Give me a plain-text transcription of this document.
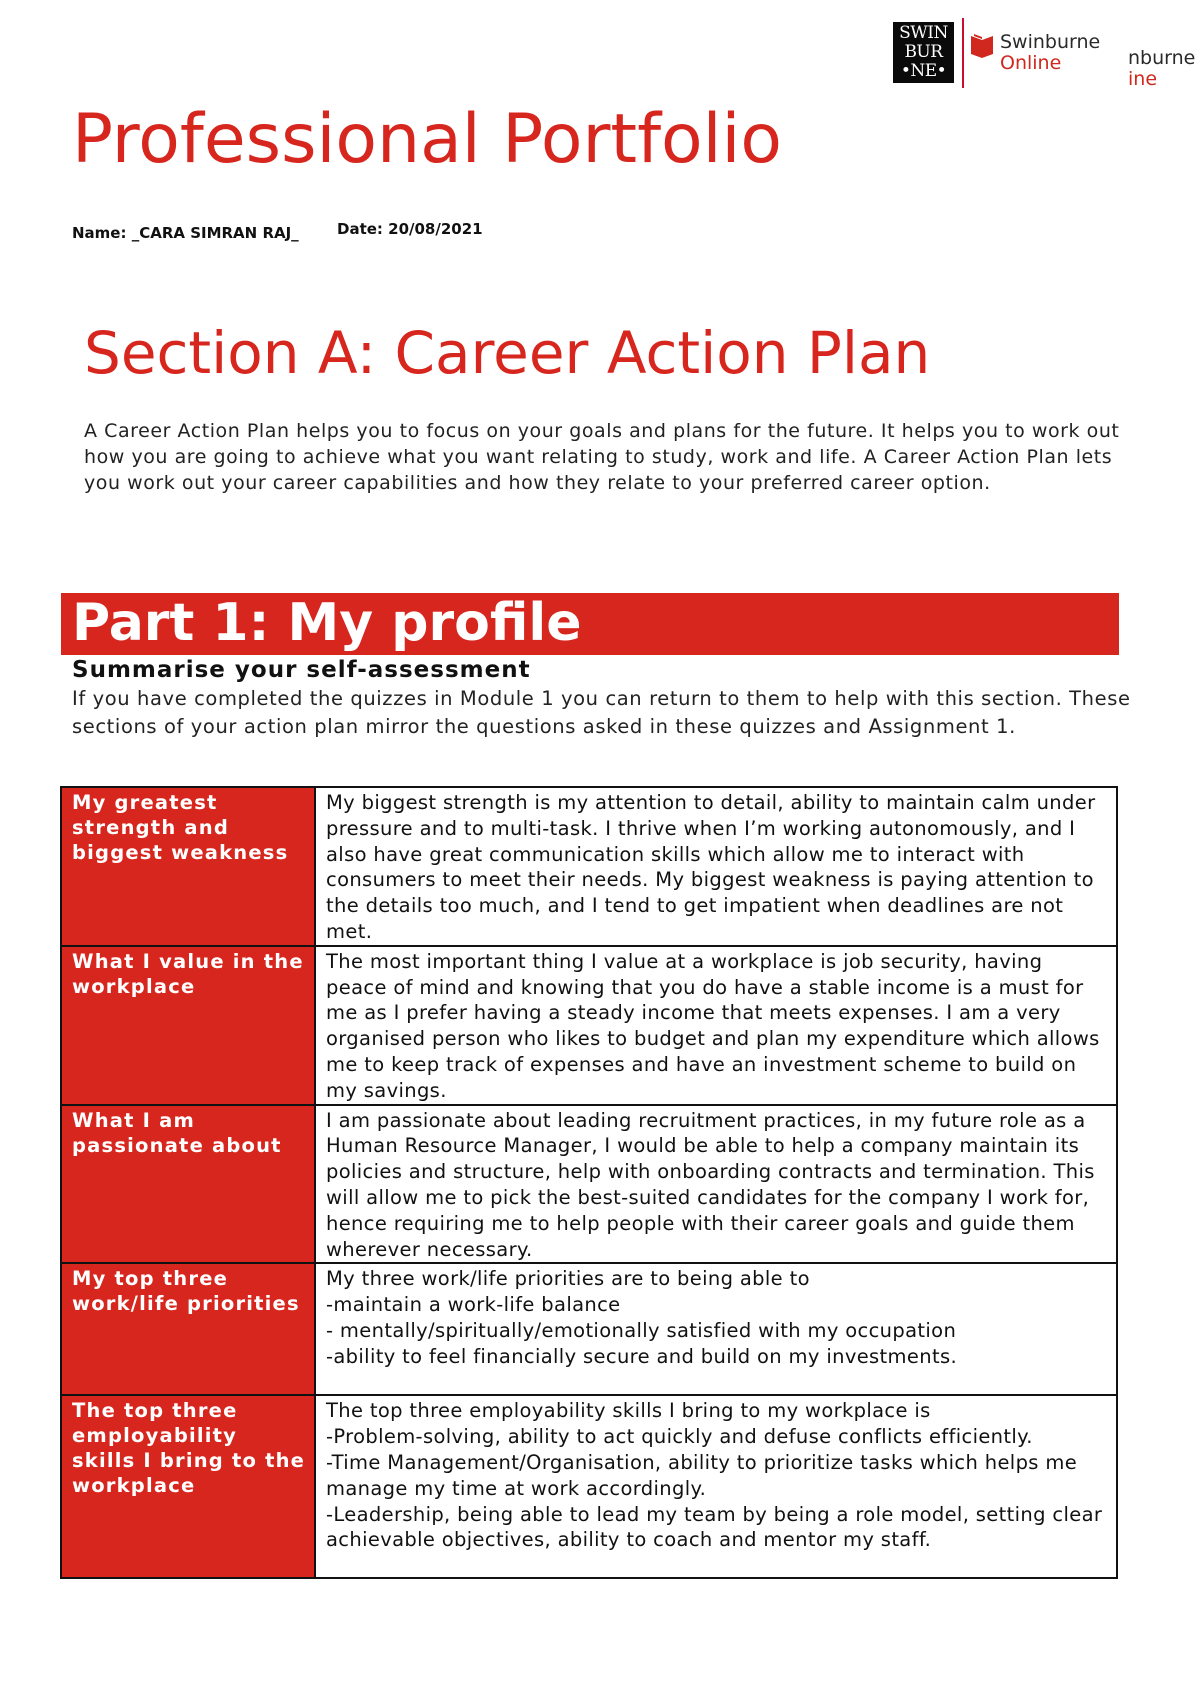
SWIN
BUR
•NE•
Swinburne
Online	nburne
ine
Professional Portfolio
Name: _CARA SIMRAN RAJ_	Date: 20/08/2021
Section A: Career Action Plan

A Career Action Plan helps you to focus on your goals and plans for the future. It helps you to work out how you are going to achieve what you want relating to study, work and life. A Career Action Plan lets you work out your career capabilities and how they relate to your preferred career option.

Part 1: My profile
Summarise your self-assessment

If you have completed the quizzes in Module 1 you can return to them to help with this section. These sections of your action plan mirror the questions asked in these quizzes and Assignment 1.

My greatest strength and biggest weakness	My biggest strength is my attention to detail, ability to maintain calm under pressure and to multi-task. I thrive when I’m working autonomously, and I also have great communication skills which allow me to interact with consumers to meet their needs. My biggest weakness is paying attention to the details too much, and I tend to get impatient when deadlines are not met.

What I value in the workplace	The most important thing I value at a workplace is job security, having peace of mind and knowing that you do have a stable income is a must for me as I prefer having a steady income that meets expenses. I am a very organised person who likes to budget and plan my expenditure which allows me to keep track of expenses and have an investment scheme to build on my savings.

What I am passionate about	I am passionate about leading recruitment practices, in my future role as a Human Resource Manager, I would be able to help a company maintain its policies and structure, help with onboarding contracts and termination. This will allow me to pick the best-suited candidates for the company I work for, hence requiring me to help people with their career goals and guide them wherever necessary.

My top three work/life priorities	My three work/life priorities are to being able to
-maintain a work-life balance
- mentally/spiritually/emotionally satisfied with my occupation
-ability to feel financially secure and build on my investments.

The top three employability skills I bring to the workplace	The top three employability skills I bring to my workplace is
-Problem-solving, ability to act quickly and defuse conflicts efficiently.
-Time Management/Organisation, ability to prioritize tasks which helps me manage my time at work accordingly.
-Leadership, being able to lead my team by being a role model, setting clear achievable objectives, ability to coach and mentor my staff.
